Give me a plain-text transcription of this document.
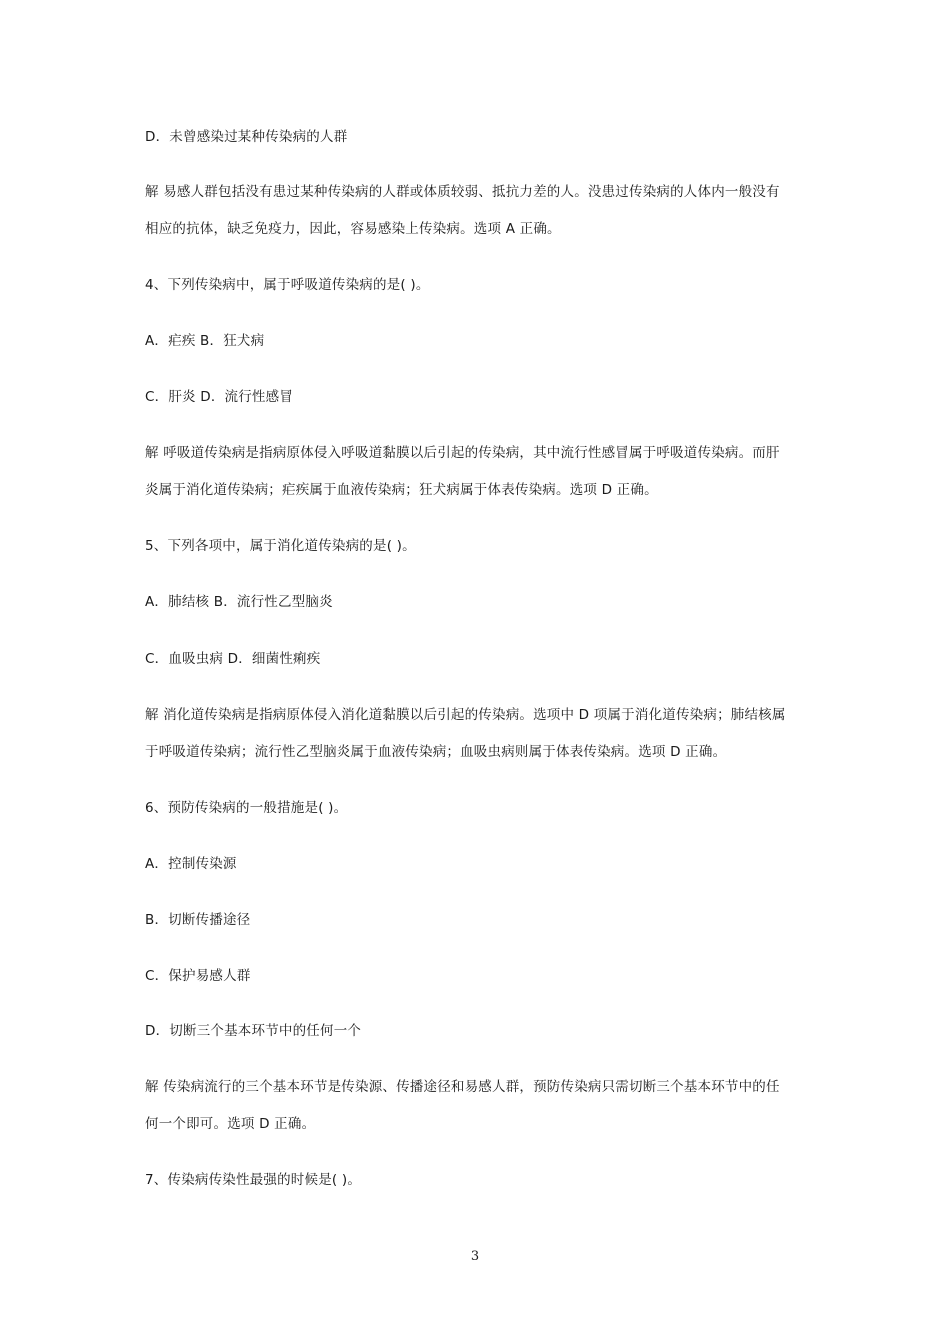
D．未曾感染过某种传染病的人群
解 易感人群包括没有患过某种传染病的人群或体质较弱、抵抗力差的人。没患过传染病的人体内一般没有
相应的抗体，缺乏免疫力，因此，容易感染上传染病。选项 A 正确。
4、下列传染病中，属于呼吸道传染病的是( )。
A．疟疾 B．狂犬病
C．肝炎 D．流行性感冒
解 呼吸道传染病是指病原体侵入呼吸道黏膜以后引起的传染病，其中流行性感冒属于呼吸道传染病。而肝
炎属于消化道传染病；疟疾属于血液传染病；狂犬病属于体表传染病。选项 D 正确。
5、下列各项中，属于消化道传染病的是( )。
A．肺结核 B．流行性乙型脑炎
C．血吸虫病 D．细菌性痢疾
解 消化道传染病是指病原体侵入消化道黏膜以后引起的传染病。选项中 D 项属于消化道传染病；肺结核属
于呼吸道传染病；流行性乙型脑炎属于血液传染病；血吸虫病则属于体表传染病。选项 D 正确。
6、预防传染病的一般措施是( )。
A．控制传染源
B．切断传播途径
C．保护易感人群
D．切断三个基本环节中的任何一个
解 传染病流行的三个基本环节是传染源、传播途径和易感人群，预防传染病只需切断三个基本环节中的任
何一个即可。选项 D 正确。
7、传染病传染性最强的时候是( )。
3
